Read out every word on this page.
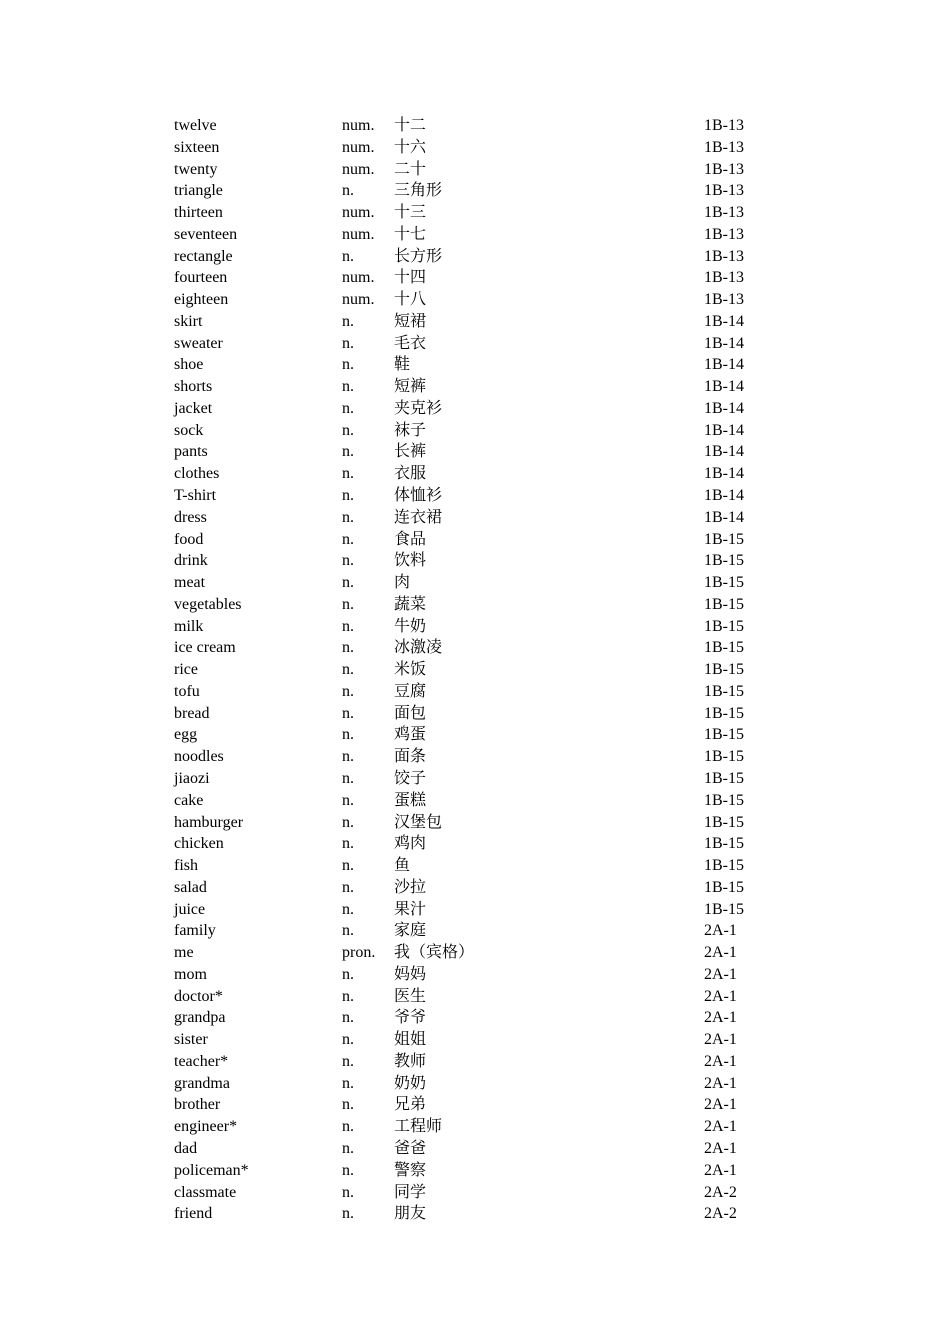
twelve	num. 十二	1B-13
sixteen	num. 十六	1B-13
twenty	num. 二十	1B-13
triangle	n.	三角形	1B-13
thirteen	num. 十三	1B-13
seventeen	num. 十七	1B-13
rectangle	n.	长方形	1B-13
fourteen	num. 十四	1B-13
eighteen	num. 十八	1B-13
skirt	n.	短裙	1B-14
sweater	n.	毛衣	1B-14
shoe	n.	鞋	1B-14
shorts	n.	短裤	1B-14
jacket	n.	夹克衫	1B-14
sock	n.	袜子	1B-14
pants	n.	长裤	1B-14
clothes	n.	衣服	1B-14
T-shirt	n.	体恤衫	1B-14
dress	n.	连衣裙	1B-14
food	n.	食品	1B-15
drink	n.	饮料	1B-15
meat	n.	肉	1B-15
vegetables	n.	蔬菜	1B-15
milk	n.	牛奶	1B-15
ice cream	n.	冰激凌	1B-15
rice	n.	米饭	1B-15
tofu	n.	豆腐	1B-15
bread	n.	面包	1B-15
egg	n.	鸡蛋	1B-15
noodles	n.	面条	1B-15
jiaozi	n.	饺子	1B-15
cake	n.	蛋糕	1B-15
hamburger	n.	汉堡包	1B-15
chicken	n.	鸡肉	1B-15
fish	n.	鱼	1B-15
salad	n.	沙拉	1B-15
juice	n.	果汁	1B-15
family	n.	家庭	2A-1
me	pron. 我（宾格）	2A-1
mom	n.	妈妈	2A-1
doctor*	n.	医生	2A-1
grandpa	n.	爷爷	2A-1
sister	n.	姐姐	2A-1
teacher*	n.	教师	2A-1
grandma	n.	奶奶	2A-1
brother	n.	兄弟	2A-1
engineer*	n.	工程师	2A-1
dad	n.	爸爸	2A-1
policeman*	n.	警察	2A-1
classmate	n.	同学	2A-2
friend	n.	朋友	2A-2
